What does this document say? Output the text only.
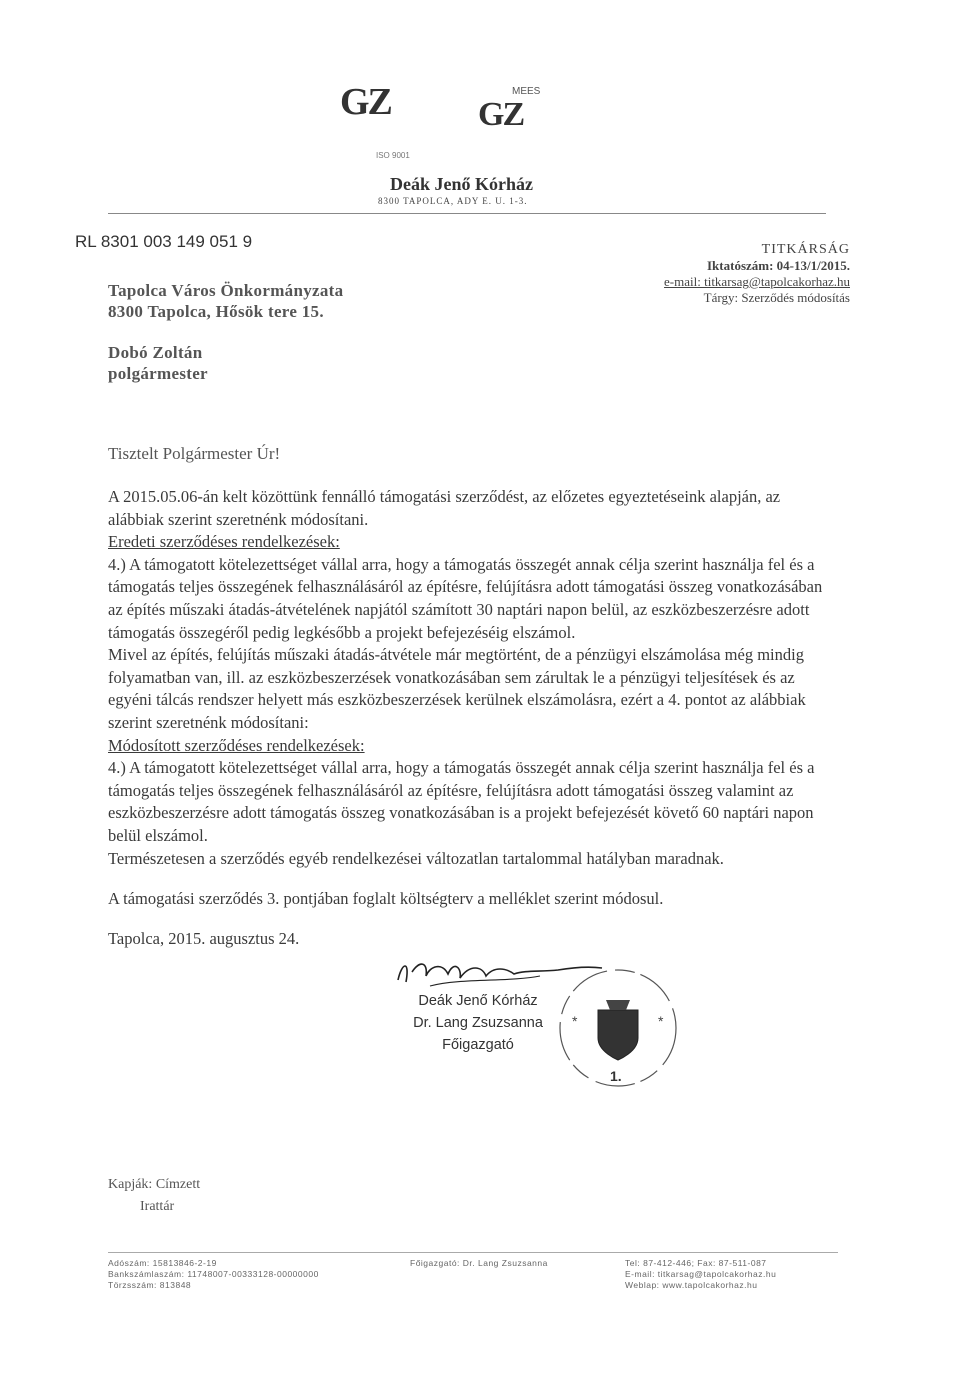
GZ
ISO 9001
GZ
MEES
Deák Jenő Kórház
8300 TAPOLCA, ADY E. U. 1-3.
RL 8301 003 149 051 9	TITKÁRSÁG
Iktatószám: 04-13/1/2015.
e-mail: titkarsag@tapolcakorhaz.hu
Tárgy: Szerződés módosítás
Tapolca Város Önkormányzata
8300 Tapolca, Hősök tere 15.
Dobó Zoltán
polgármester
Tisztelt Polgármester Úr!

A 2015.05.06-án kelt közöttünk fennálló támogatási szerződést, az előzetes egyeztetéseink alapján, az alábbiak szerint szeretnénk módosítani.

Eredeti szerződéses rendelkezések:

4.) A támogatott kötelezettséget vállal arra, hogy a támogatás összegét annak célja szerint használja fel és a támogatás teljes összegének felhasználásáról az építésre, felújításra adott támogatási összeg vonatkozásában az építés műszaki átadás-átvételének napjától számított 30 naptári napon belül, az eszközbeszerzésre adott támogatás összegéről pedig legkésőbb a projekt befejezéséig elszámol.

Mivel az építés, felújítás műszaki átadás-átvétele már megtörtént, de a pénzügyi elszámolása még mindig folyamatban van, ill. az eszközbeszerzések vonatkozásában sem zárultak le a pénzügyi teljesítések és az egyéni tálcás rendszer helyett más eszközbeszerzések kerülnek elszámolásra, ezért a 4. pontot az alábbiak szerint szeretnénk módosítani:

Módosított szerződéses rendelkezések:

4.) A támogatott kötelezettséget vállal arra, hogy a támogatás összegét annak célja szerint használja fel és a támogatás teljes összegének felhasználásáról az építésre, felújításra adott támogatási összeg valamint az eszközbeszerzésre adott támogatás összeg vonatkozásában is a projekt befejezését követő 60 naptári napon belül elszámol.

Természetesen a szerződés egyéb rendelkezései változatlan tartalommal hatályban maradnak.

A támogatási szerződés 3. pontjában foglalt költségterv a melléklet szerint módosul.
Tapolca, 2015. augusztus 24.
Deák Jenő Kórház
Dr. Lang Zsuzsanna
Főigazgató
*	*
1.
Kapják: Címzett
Irattár
Adószám: 15813846-2-19
Bankszámlaszám: 11748007-00333128-00000000
Törzsszám: 813848
Főigazgató: Dr. Lang Zsuzsanna	Tel: 87-412-446; Fax: 87-511-087
E-mail: titkarsag@tapolcakorhaz.hu
Weblap: www.tapolcakorhaz.hu
